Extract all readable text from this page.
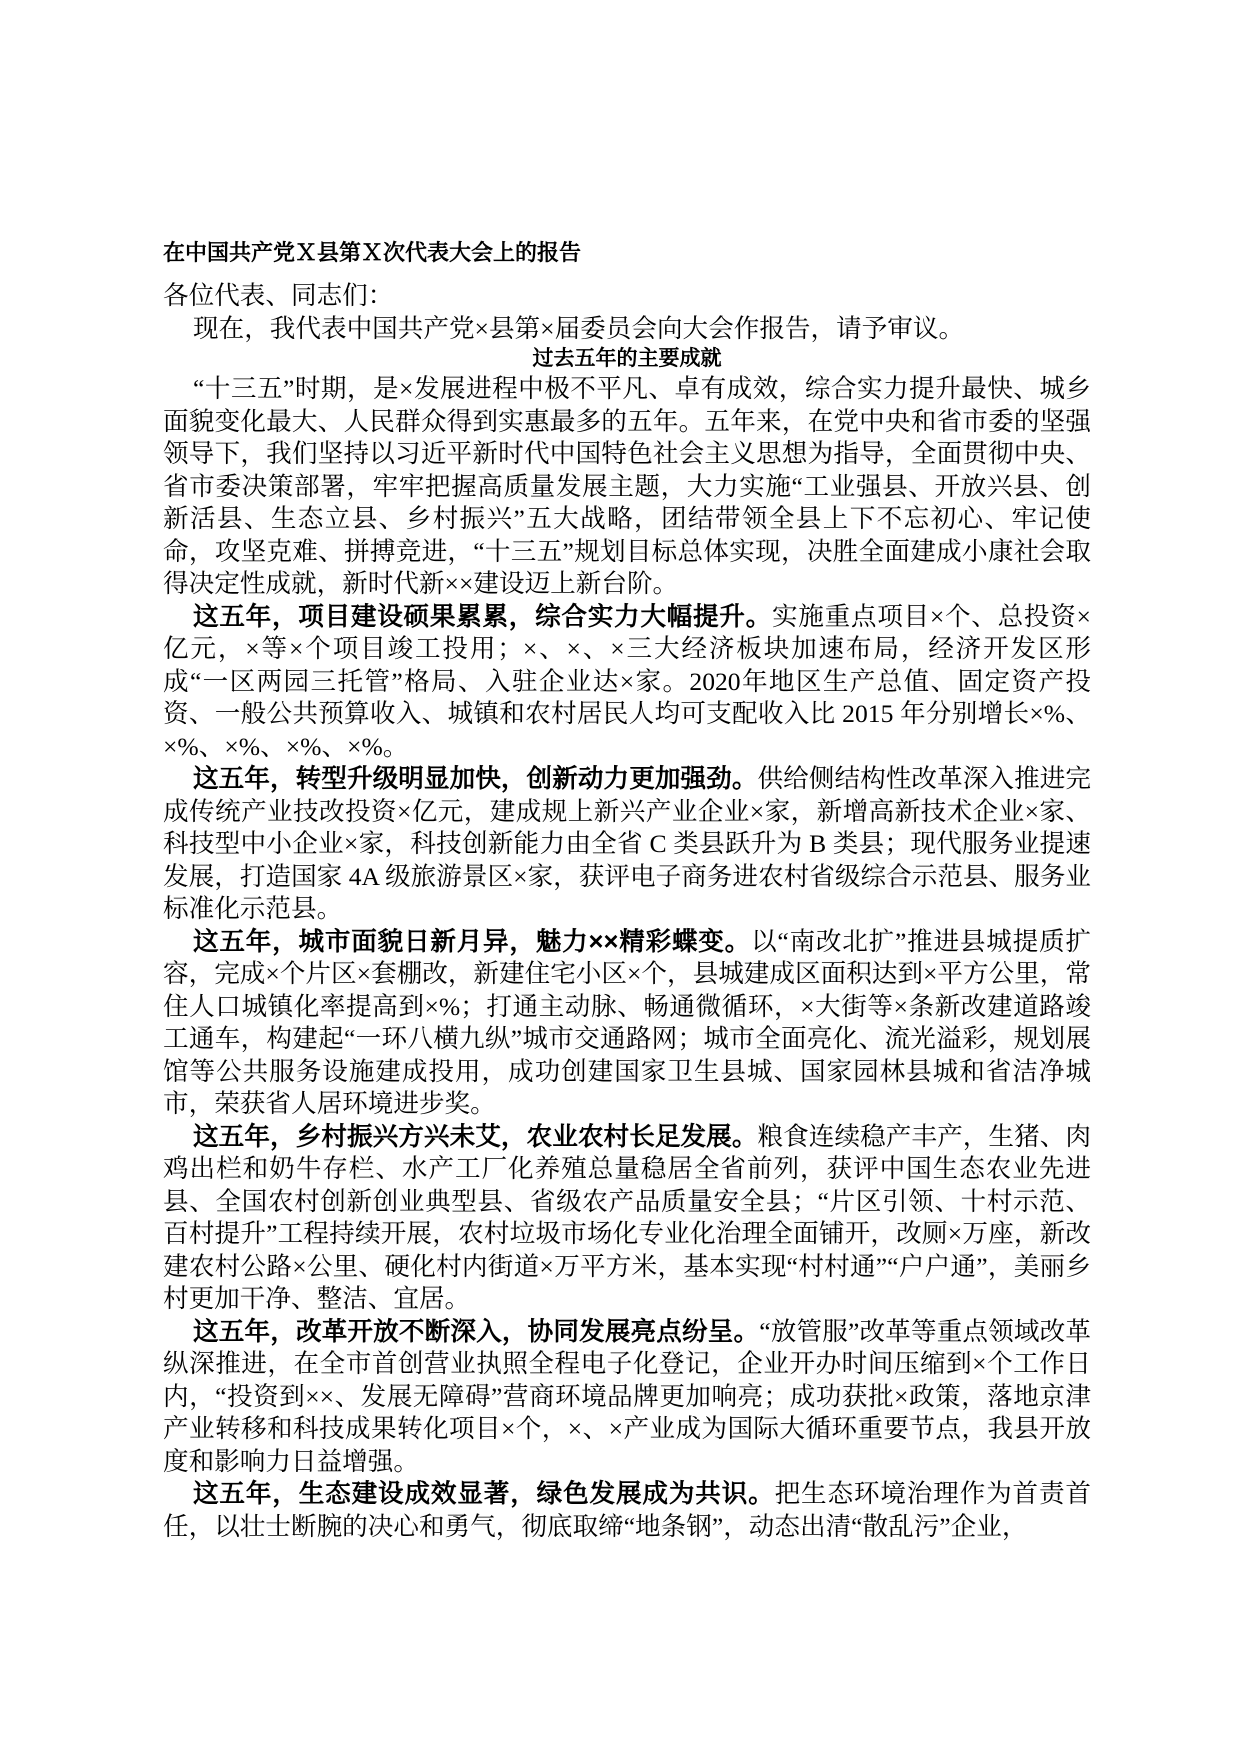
在中国共产党Ｘ县第Ｘ次代表大会上的报告

各位代表、同志们：

现在，我代表中国共产党×县第×届委员会向大会作报告，请予审议。

过去五年的主要成就

“十三五”时期，是×发展进程中极不平凡、卓有成效，综合实力提升最快、城乡面貌变化最大、人民群众得到实惠最多的五年。五年来，在党中央和省市委的坚强领导下，我们坚持以习近平新时代中国特色社会主义思想为指导，全面贯彻中央、省市委决策部署，牢牢把握高质量发展主题，大力实施“工业强县、开放兴县、创新活县、生态立县、乡村振兴”五大战略，团结带领全县上下不忘初心、牢记使命，攻坚克难、拼搏竞进，“十三五”规划目标总体实现，决胜全面建成小康社会取得决定性成就，新时代新××建设迈上新台阶。

这五年，项目建设硕果累累，综合实力大幅提升。实施重点项目×个、总投资×亿元，×等×个项目竣工投用；×、×、×三大经济板块加速布局，经济开发区形成“一区两园三托管”格局、入驻企业达×家。2020年地区生产总值、固定资产投资、一般公共预算收入、城镇和农村居民人均可支配收入比 2015 年分别增长×%、×%、×%、×%、×%。

这五年，转型升级明显加快，创新动力更加强劲。供给侧结构性改革深入推进完成传统产业技改投资×亿元，建成规上新兴产业企业×家，新增高新技术企业×家、科技型中小企业×家，科技创新能力由全省 C 类县跃升为 B 类县；现代服务业提速发展，打造国家 4A 级旅游景区×家，获评电子商务进农村省级综合示范县、服务业标准化示范县。

这五年，城市面貌日新月异，魅力××精彩蝶变。以“南改北扩”推进县城提质扩容，完成×个片区×套棚改，新建住宅小区×个，县城建成区面积达到×平方公里，常住人口城镇化率提高到×%；打通主动脉、畅通微循环，×大街等×条新改建道路竣工通车，构建起“一环八横九纵”城市交通路网；城市全面亮化、流光溢彩，规划展馆等公共服务设施建成投用，成功创建国家卫生县城、国家园林县城和省洁净城市，荣获省人居环境进步奖。

这五年，乡村振兴方兴未艾，农业农村长足发展。粮食连续稳产丰产，生猪、肉鸡出栏和奶牛存栏、水产工厂化养殖总量稳居全省前列，获评中国生态农业先进县、全国农村创新创业典型县、省级农产品质量安全县；“片区引领、十村示范、百村提升”工程持续开展，农村垃圾市场化专业化治理全面铺开，改厕×万座，新改建农村公路×公里、硬化村内街道×万平方米，基本实现“村村通”“户户通”，美丽乡村更加干净、整洁、宜居。

这五年，改革开放不断深入，协同发展亮点纷呈。“放管服”改革等重点领域改革纵深推进，在全市首创营业执照全程电子化登记，企业开办时间压缩到×个工作日内，“投资到××、发展无障碍”营商环境品牌更加响亮；成功获批×政策，落地京津产业转移和科技成果转化项目×个，×、×产业成为国际大循环重要节点，我县开放度和影响力日益增强。

这五年，生态建设成效显著，绿色发展成为共识。把生态环境治理作为首责首任，以壮士断腕的决心和勇气，彻底取缔“地条钢”，动态出清“散乱污”企业，
